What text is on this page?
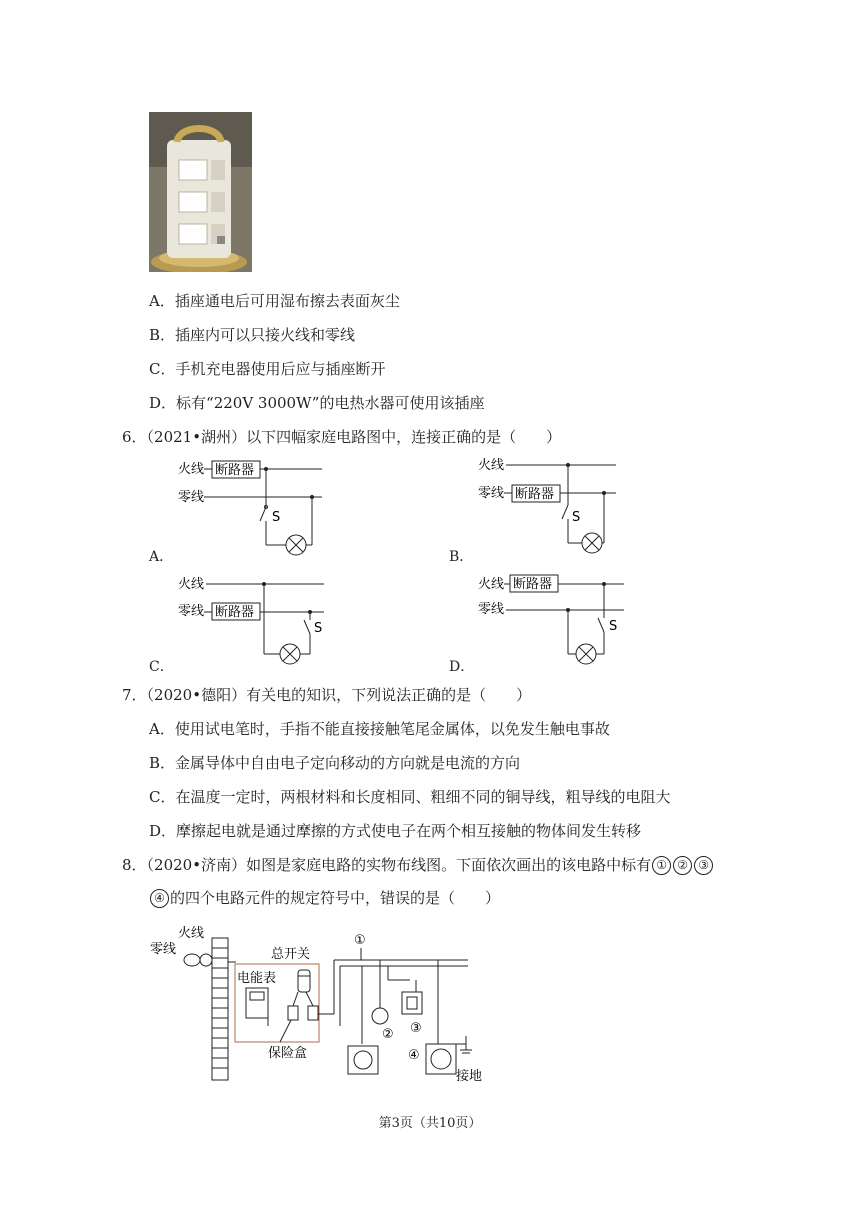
A．插座通电后可用湿布擦去表面灰尘
B．插座内可以只接火线和零线
C．手机充电器使用后应与插座断开
D．标有“220V 3000W”的电热水器可使用该插座
6．（2021•湖州）以下四幅家庭电路图中，连接正确的是（　　）
火线 断路器
零线
S
A．
火线
零线 断路器
S
B．
火线
零线 断路器
S
C．
火线 断路器
零线
S
D．
7．（2020•德阳）有关电的知识，下列说法正确的是（　　）
A．使用试电笔时，手指不能直接接触笔尾金属体，以免发生触电事故
B．金属导体中自由电子定向移动的方向就是电流的方向
C．在温度一定时，两根材料和长度相同、粗细不同的铜导线，粗导线的电阻大
D．摩擦起电就是通过摩擦的方式使电子在两个相互接触的物体间发生转移
8．（2020•济南）如图是家庭电路的实物布线图。下面依次画出的该电路中标有 ① ② ③
④ 的四个电路元件的规定符号中，错误的是（　　）
火线
零线	总开关
电能表
保险盒
①
② ③
④
接地
第3页（共10页）
